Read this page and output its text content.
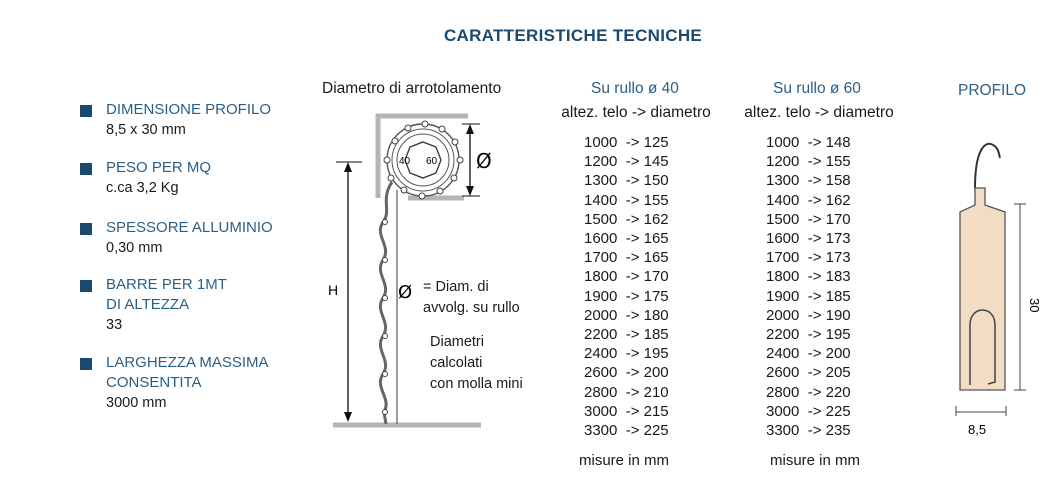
CARATTERISTICHE TECNICHE
DIMENSIONE PROFILO
8,5 x 30 mm
PESO PER MQ
c.ca 3,2 Kg
SPESSORE ALLUMINIO
0,30 mm
BARRE PER 1MT
DI ALTEZZA
33
LARGHEZZA MASSIMA
CONSENTITA
3000 mm
40 60
H
Ø
Ø
30
8,5
Diametro di arrotolamento
= Diam. di
avvolg. su rullo
Diametri
calcolati
con molla mini
Su rullo ø 40
altez. telo -> diametro
1000  -> 125
1200  -> 145
1300  -> 150
1400  -> 155
1500  -> 162
1600  -> 165
1700  -> 165
1800  -> 170
1900  -> 175
2000  -> 180
2200  -> 185
2400  -> 195
2600  -> 200
2800  -> 210
3000  -> 215
3300  -> 225
misure in mm
Su rullo ø 60
altez. telo -> diametro
1000  -> 148
1200  -> 155
1300  -> 158
1400  -> 162
1500  -> 170
1600  -> 173
1700  -> 173
1800  -> 183
1900  -> 185
2000  -> 190
2200  -> 195
2400  -> 200
2600  -> 205
2800  -> 220
3000  -> 225
3300  -> 235
misure in mm
PROFILO
